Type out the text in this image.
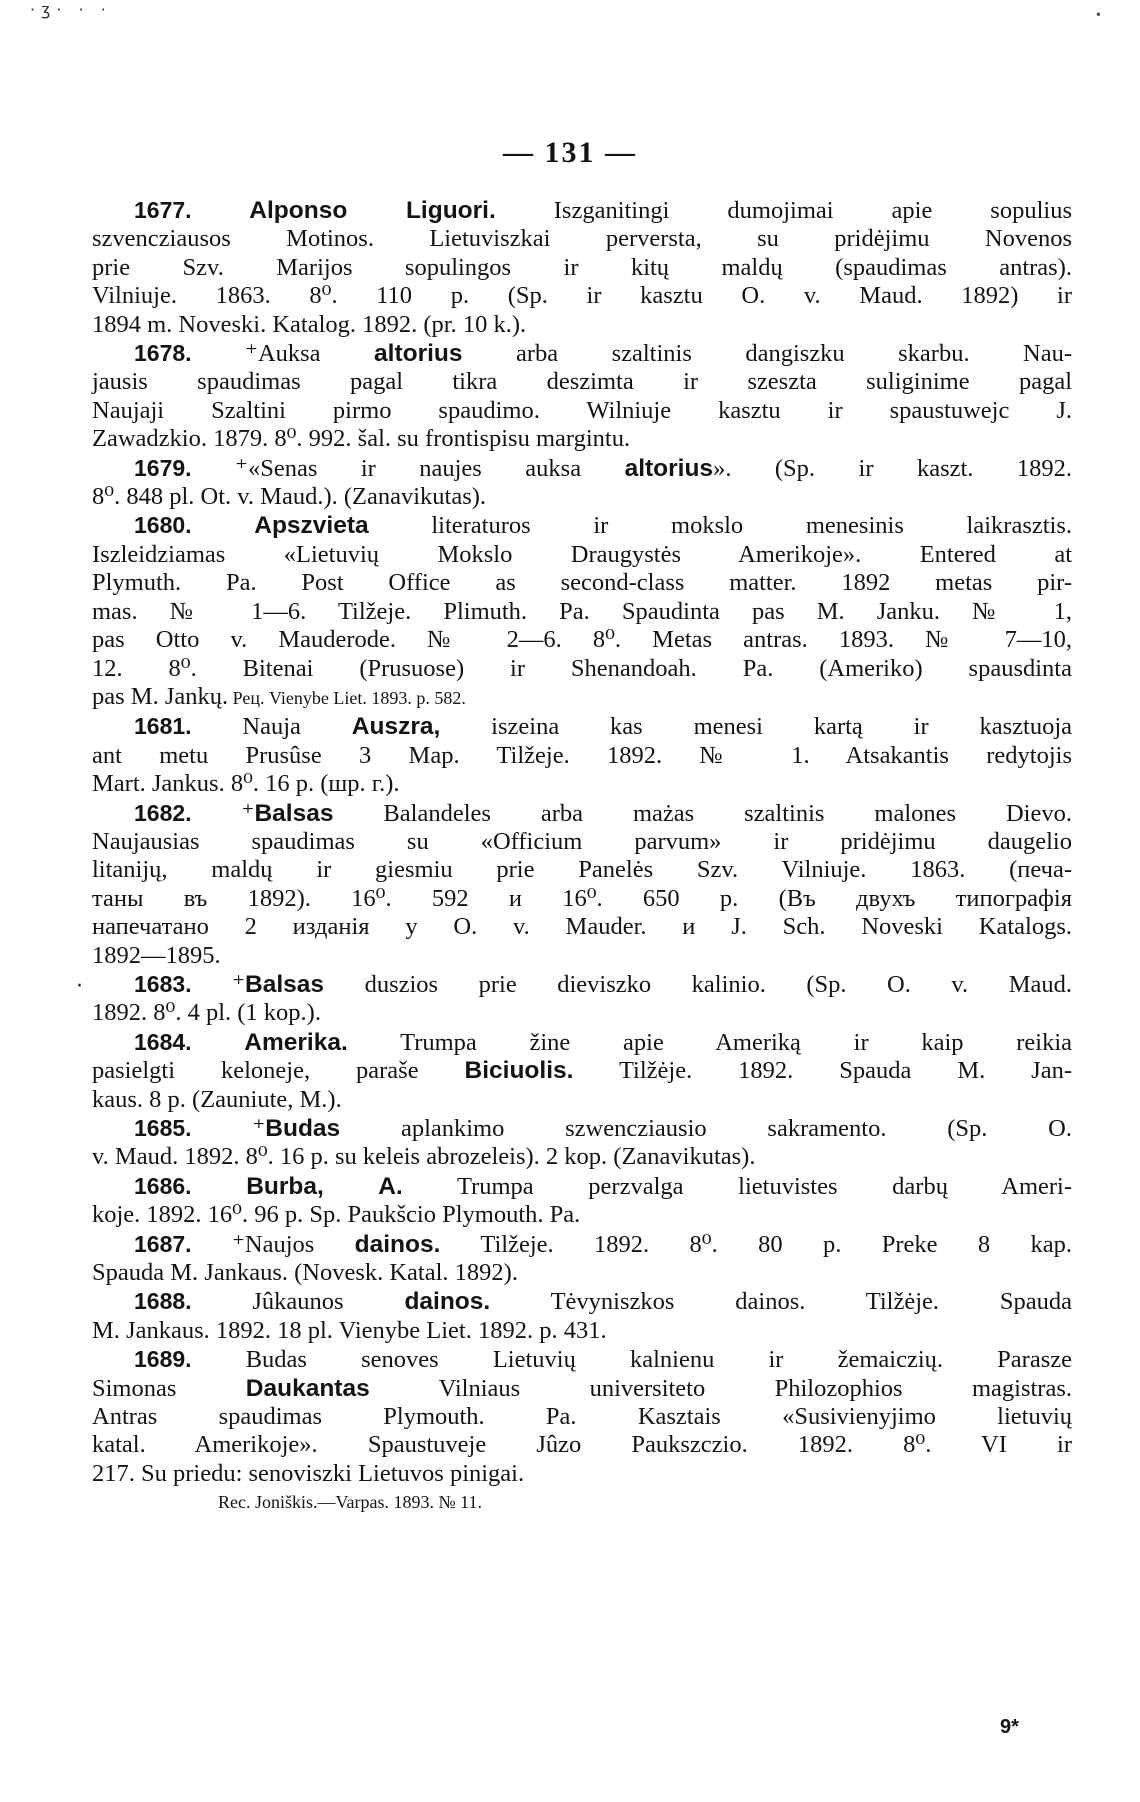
·ʒ· · ·	•
·
— 131 —
1677. Alponso Liguori. Iszganitingi dumojimai apie sopulius
szvencziausos Motinos. Lietuviszkai perversta, su pridėjimu Novenos
prie Szv. Marijos sopulingos ir kitų maldų (spaudimas antras).
Vilniuje. 1863. 8⁰. 110 p. (Sp. ir kasztu O. v. Maud. 1892) ir
1894 m. Noveski. Katalog. 1892. (pr. 10 k.).
1678. ⁺Auksa altorius arba szaltinis dangiszku skarbu. Nau-
jausis spaudimas pagal tikra deszimta ir szeszta suliginime pagal
Naujaji Szaltini pirmo spaudimo. Wilniuje kasztu ir spaustuwejc J.
Zawadzkio. 1879. 8⁰. 992. šal. su frontispisu margintu.
1679. ⁺«Senas ir naujes auksa altorius». (Sp. ir kaszt. 1892.
8⁰. 848 pl. Ot. v. Maud.). (Zanavikutas).
1680.	Apszvieta literaturos ir mokslo menesinis laikrasztis.
Iszleidziamas «Lietuvių Mokslo Draugystės Amerikoje». Entered at
Plymuth. Pa. Post Office as second-class matter. 1892 metas pir-
mas. № 1—6. Tilžeje. Plimuth. Pa. Spaudinta pas M. Janku. № 1,
pas Otto v. Mauderode. № 2—6. 8⁰. Metas antras. 1893. № 7—10,
12. 8⁰. Bitenai (Prusuose) ir Shenandoah. Pa. (Ameriko) spausdinta
pas M. Jankų. Рец. Vienybe Liet. 1893. p. 582.
1681. Nauja Auszra, iszeina kas menesi kartą ir kasztuoja
ant metu Prusûse 3 Map. Tilžeje. 1892. № 1. Atsakantis redytojis
Mart. Jankus. 8⁰. 16 p. (шр. г.).
1682. ⁺Balsas Balandeles arba mażas szaltinis malones Dievo.
Naujausias spaudimas su «Officium parvum» ir pridėjimu daugelio
litanijų, maldų ir giesmiu prie Panelės Szv. Vilniuje. 1863. (печа-
таны въ 1892). 16⁰. 592 и 16⁰. 650 р. (Въ двухъ типографія
напечатано 2 изданія у О. v. Mauder. и J. Sch. Noveski Katalogs.
1892—1895.
1683. ⁺Balsas duszios prie dieviszko kalinio. (Sp. O. v. Maud.
1892. 8⁰. 4 pl. (1 kop.).
1684. Amerika. Trumpa žine apie Ameriką ir kaip reikia
pasielgti keloneje, paraše Biciuolis. Tilžėje. 1892. Spauda M. Jan-
kaus. 8 p. (Zauniute, M.).
1685. ⁺Budas aplankimo szwencziausio sakramento. (Sp. O.
v. Maud. 1892. 8⁰. 16 p. su keleis abrozeleis). 2 kop. (Zanavikutas).
1686. Burba, A. Trumpa perzvalga lietuvistes darbų Ameri-
koje. 1892. 16⁰. 96 p. Sp. Paukšcio Plymouth. Pa.
1687. ⁺Naujos dainos. Tilžeje. 1892. 8⁰. 80 p. Preke 8 kap.
Spauda M. Jankaus. (Novesk. Katal. 1892).
1688. Jûkaunos dainos. Tėvyniszkos dainos. Tilžėje. Spauda
M. Jankaus. 1892. 18 pl. Vienybe Liet. 1892. p. 431.
1689. Budas senoves Lietuvių kalnienu ir žemaiczių. Parasze
Simonas Daukantas Vilniaus universiteto Philozophios magistras.
Antras spaudimas Plymouth. Pa. Kasztais «Susivienyjimo lietuvių
katal. Amerikoje». Spaustuveje Jûzo Paukszczio. 1892. 8⁰. VI ir
217. Su priedu: senoviszki Lietuvos pinigai.
Rec. Joniškis.—Varpas. 1893. № 11.
9*
